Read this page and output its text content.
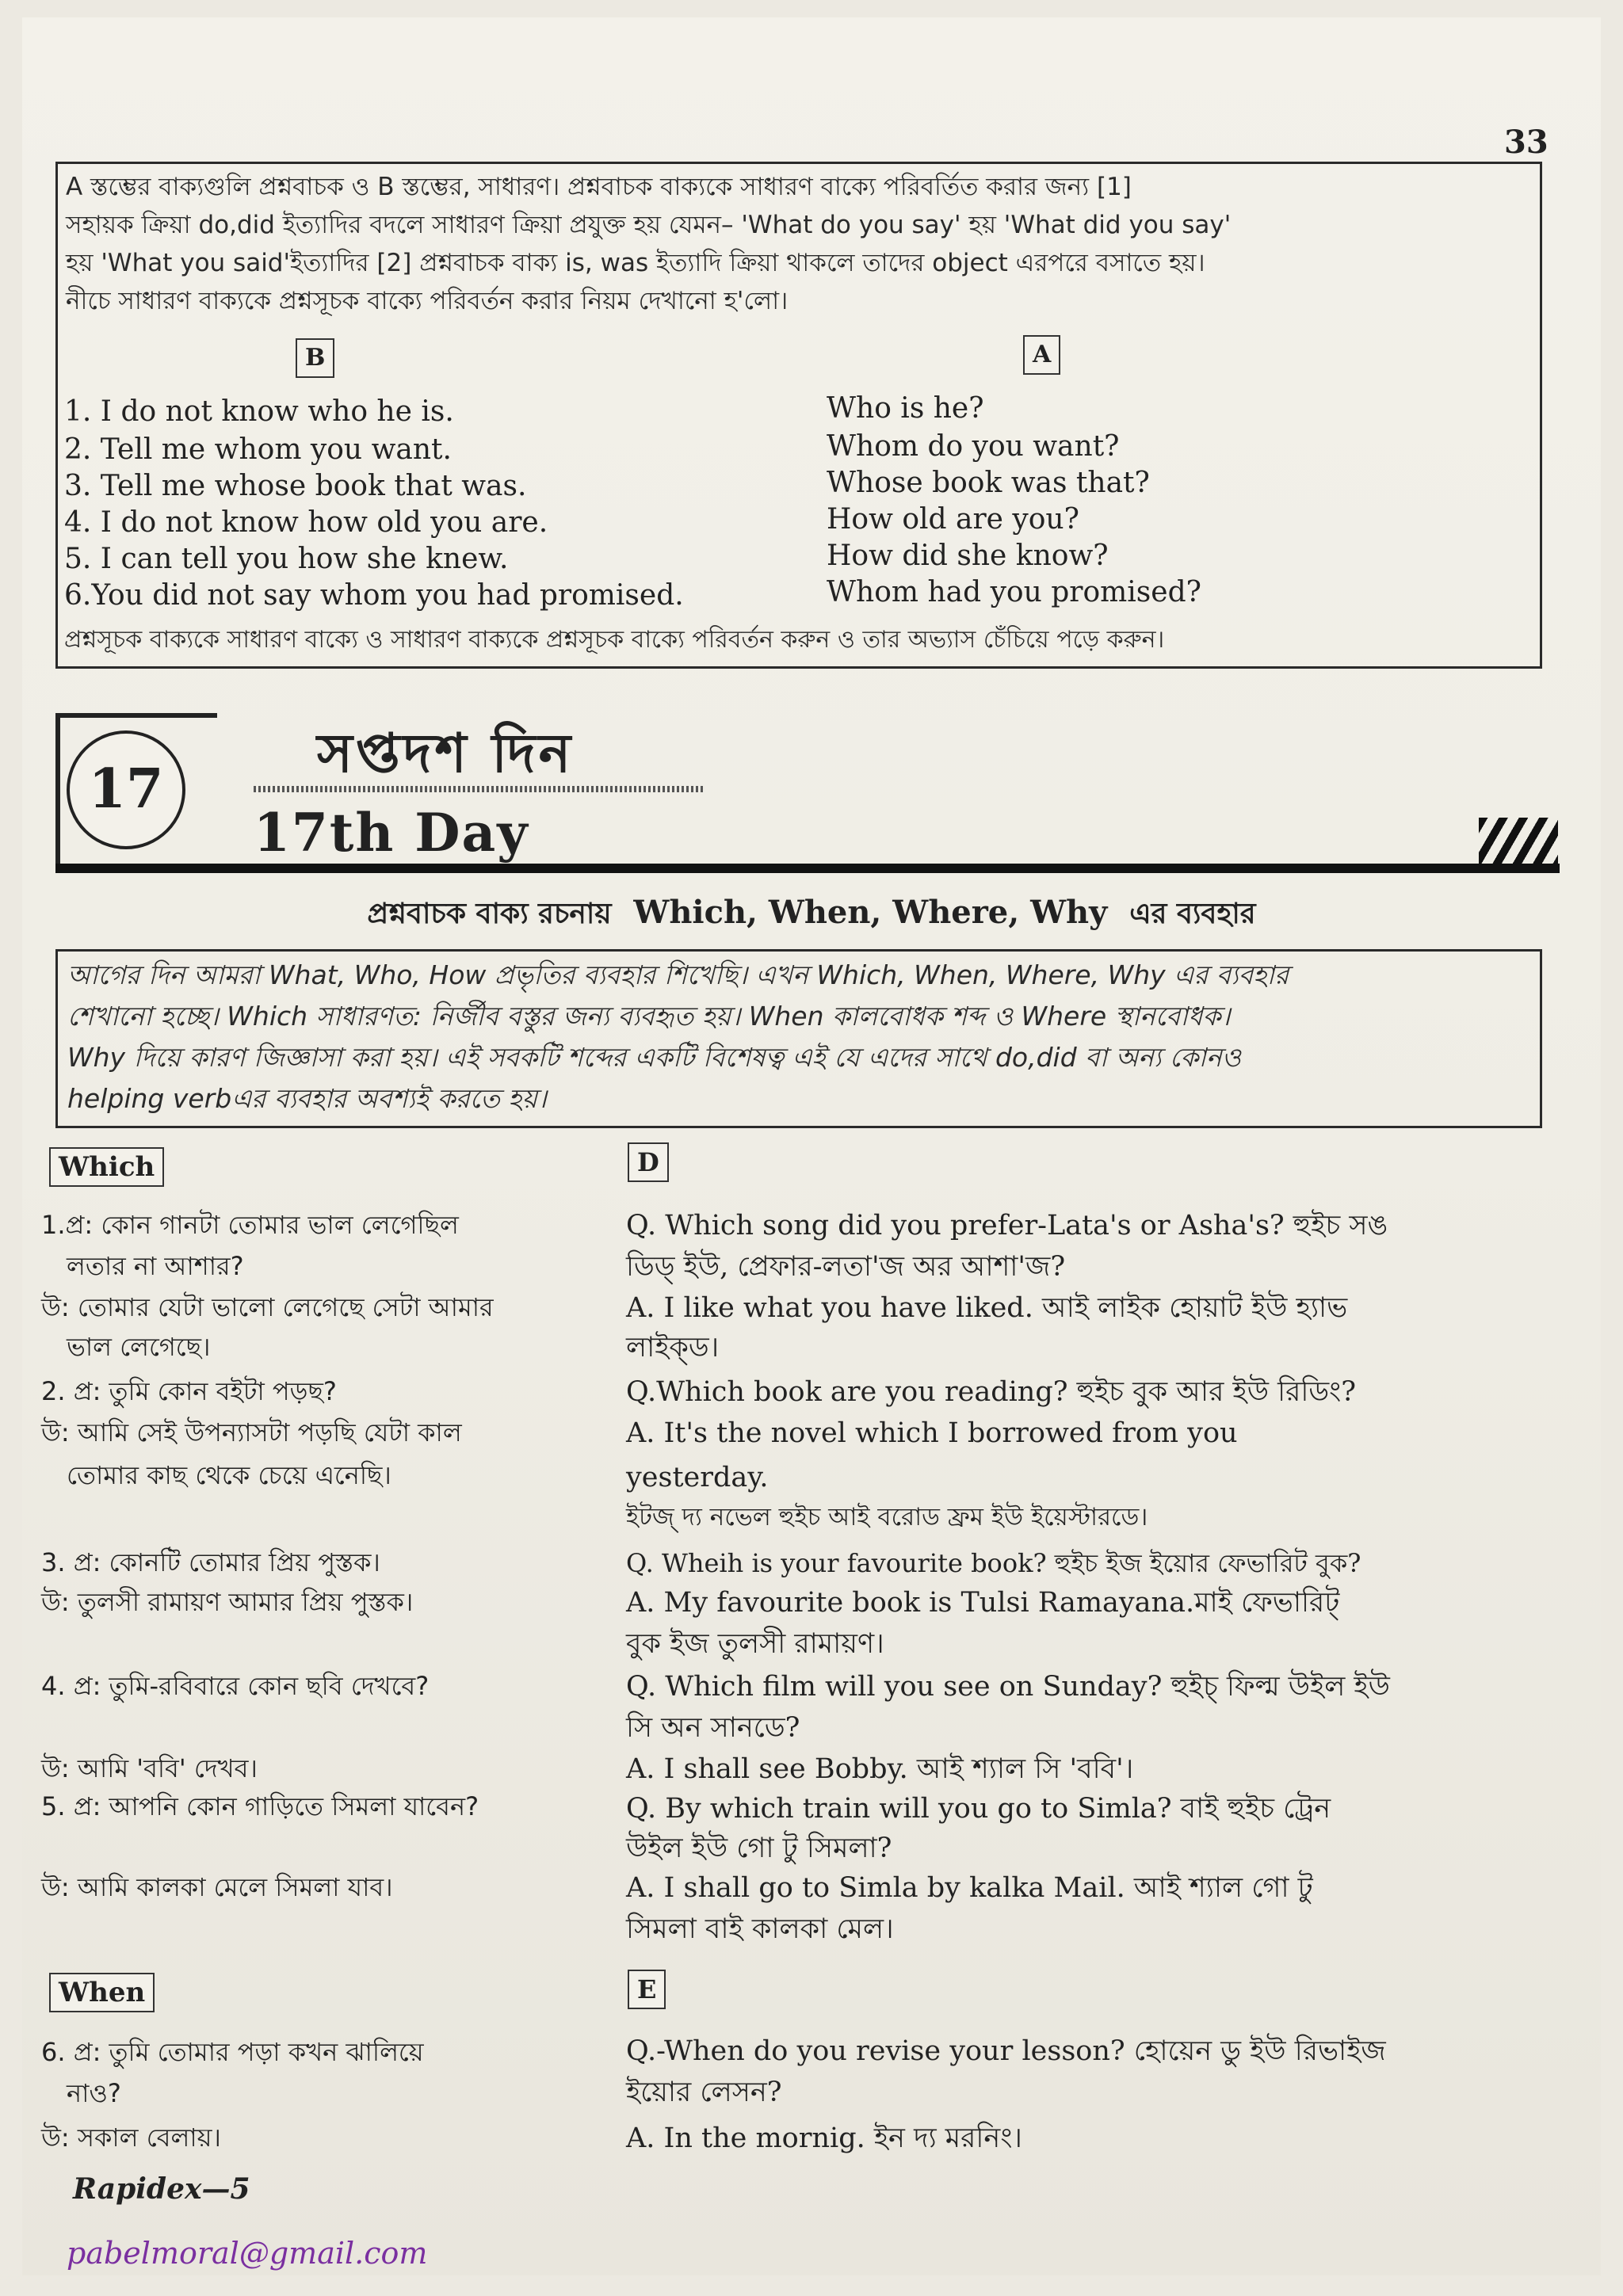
33
A স্তম্ভের বাক্যগুলি প্রশ্নবাচক ও B স্তম্ভের, সাধারণ। প্রশ্নবাচক বাক্যকে সাধারণ বাক্যে পরিবর্তিত করার জন্য [1]
সহায়ক ক্রিয়া do,did ইত্যাদির বদলে সাধারণ ক্রিয়া প্রযুক্ত হয় যেমন– 'What do you say' হয় 'What did you say'
হয় 'What you said'ইত্যাদির [2] প্রশ্নবাচক বাক্য is, was ইত্যাদি ক্রিয়া থাকলে তাদের object এরপরে বসাতে হয়।
নীচে সাধারণ বাক্যকে প্রশ্নসূচক বাক্যে পরিবর্তন করার নিয়ম দেখানো হ'লো।
B	A
1. I do not know who he is.	Who is he?
2. Tell me whom you want.	Whom do you want?
3. Tell me whose book that was.	Whose book was that?
4. I do not know how old you are.	How old are you?
5. I can tell you how she knew.	How did she know?
6.You did not say whom you had promised.	Whom had you promised?
প্রশ্নসূচক বাক্যকে সাধারণ বাক্যে ও সাধারণ বাক্যকে প্রশ্নসূচক বাক্যে পরিবর্তন করুন ও তার অভ্যাস চেঁচিয়ে পড়ে করুন।
17
সপ্তদশ দিন
17th Day
প্রশ্নবাচক বাক্য রচনায় Which, When, Where, Why এর ব্যবহার
আগের দিন আমরা What, Who, How প্রভৃতির ব্যবহার শিখেছি। এখন Which, When, Where, Why এর ব্যবহার
শেখানো হচ্ছে। Which সাধারণত: নির্জীব বস্তুর জন্য ব্যবহৃত হয়। When কালবোধক শব্দ ও Where স্থানবোধক।
Why দিয়ে কারণ জিজ্ঞাসা করা হয়। এই সবকটি শব্দের একটি বিশেষত্ব এই যে এদের সাথে do,did বা অন্য কোনও
helping verbএর ব্যবহার অবশ্যই করতে হয়।
Which	D
1.প্র: কোন গানটা তোমার ভাল লেগেছিল
লতার না আশার?
উ: তোমার যেটা ভালো লেগেছে সেটা আমার
ভাল লেগেছে।
2. প্র: তুমি কোন বইটা পড়ছ?
উ: আমি সেই উপন্যাসটা পড়ছি যেটা কাল
তোমার কাছ থেকে চেয়ে এনেছি।
3. প্র: কোনটি তোমার প্রিয় পুস্তক।
উ: তুলসী রামায়ণ আমার প্রিয় পুস্তক।
4. প্র: তুমি-রবিবারে কোন ছবি দেখবে?
উ: আমি 'ববি' দেখব।
5. প্র: আপনি কোন গাড়িতে সিমলা যাবেন?
উ: আমি কালকা মেলে সিমলা যাব।
Q. Which song did you prefer-Lata's or Asha's? হুইচ সঙ
ডিড্ ইউ, প্রেফার-লতা'জ অর আশা'জ?
A. I like what you have liked. আই লাইক হোয়াট ইউ হ্যাভ
লাইক্‌ড।
Q.Which book are you reading? হুইচ বুক আর ইউ রিডিং?
A. It's the novel which I borrowed from you
yesterday.
ইটজ্ দ্য নভেল হুইচ আই বরোড ফ্রম ইউ ইয়েস্টারডে।
Q. Wheih is your favourite book? হুইচ ইজ ইয়োর ফেভারিট বুক?
A. My favourite book is Tulsi Ramayana.মাই ফেভারিট্
বুক ইজ তুলসী রামায়ণ।
Q. Which film will you see on Sunday? হুইচ্ ফিল্ম উইল ইউ
সি অন সানডে?
A. I shall see Bobby. আই শ্যাল সি 'ববি'।
Q. By which train will you go to Simla? বাই হুইচ ট্রেন
উইল ইউ গো টু সিমলা?
A. I shall go to Simla by kalka Mail. আই শ্যাল গো টু
সিমলা বাই কালকা মেল।
When	E
6. প্র: তুমি তোমার পড়া কখন ঝালিয়ে
নাও?
উ: সকাল বেলায়।
Q.-When do you revise your lesson? হোয়েন ডু ইউ রিভাইজ
ইয়োর লেসন?
A. In the mornig. ইন দ্য মরনিং।
Rapidex—5
pabelmoral@gmail.com
